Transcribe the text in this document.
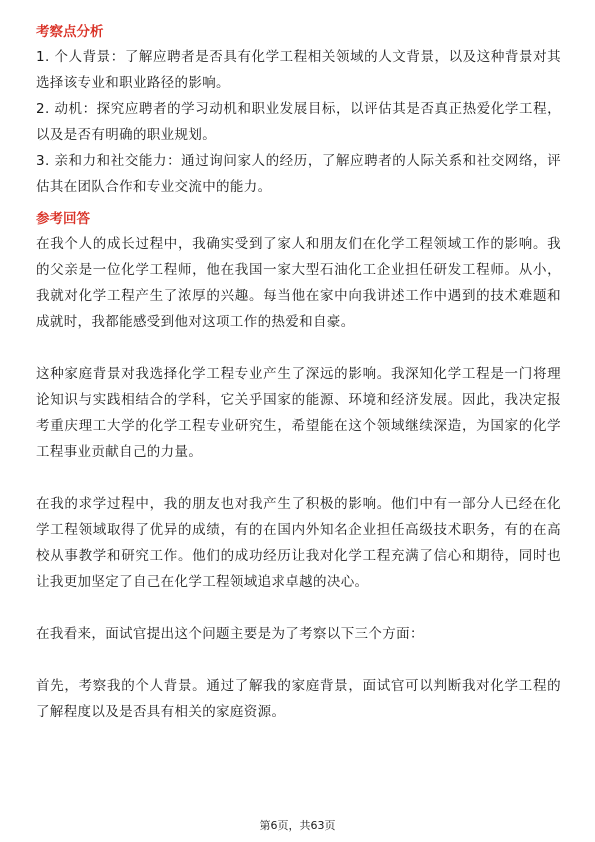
考察点分析

1. 个人背景：了解应聘者是否具有化学工程相关领域的人文背景，以及这种背景对其选择该专业和职业路径的影响。

2. 动机：探究应聘者的学习动机和职业发展目标，以评估其是否真正热爱化学工程，以及是否有明确的职业规划。

3. 亲和力和社交能力：通过询问家人的经历，了解应聘者的人际关系和社交网络，评估其在团队合作和专业交流中的能力。

参考回答

在我个人的成长过程中，我确实受到了家人和朋友们在化学工程领域工作的影响。我的父亲是一位化学工程师，他在我国一家大型石油化工企业担任研发工程师。从小，我就对化学工程产生了浓厚的兴趣。每当他在家中向我讲述工作中遇到的技术难题和成就时，我都能感受到他对这项工作的热爱和自豪。

这种家庭背景对我选择化学工程专业产生了深远的影响。我深知化学工程是一门将理论知识与实践相结合的学科，它关乎国家的能源、环境和经济发展。因此，我决定报考重庆理工大学的化学工程专业研究生，希望能在这个领域继续深造，为国家的化学工程事业贡献自己的力量。

在我的求学过程中，我的朋友也对我产生了积极的影响。他们中有一部分人已经在化学工程领域取得了优异的成绩，有的在国内外知名企业担任高级技术职务，有的在高校从事教学和研究工作。他们的成功经历让我对化学工程充满了信心和期待，同时也让我更加坚定了自己在化学工程领域追求卓越的决心。

在我看来，面试官提出这个问题主要是为了考察以下三个方面：

首先，考察我的个人背景。通过了解我的家庭背景，面试官可以判断我对化学工程的了解程度以及是否具有相关的家庭资源。

第6页，共63页
